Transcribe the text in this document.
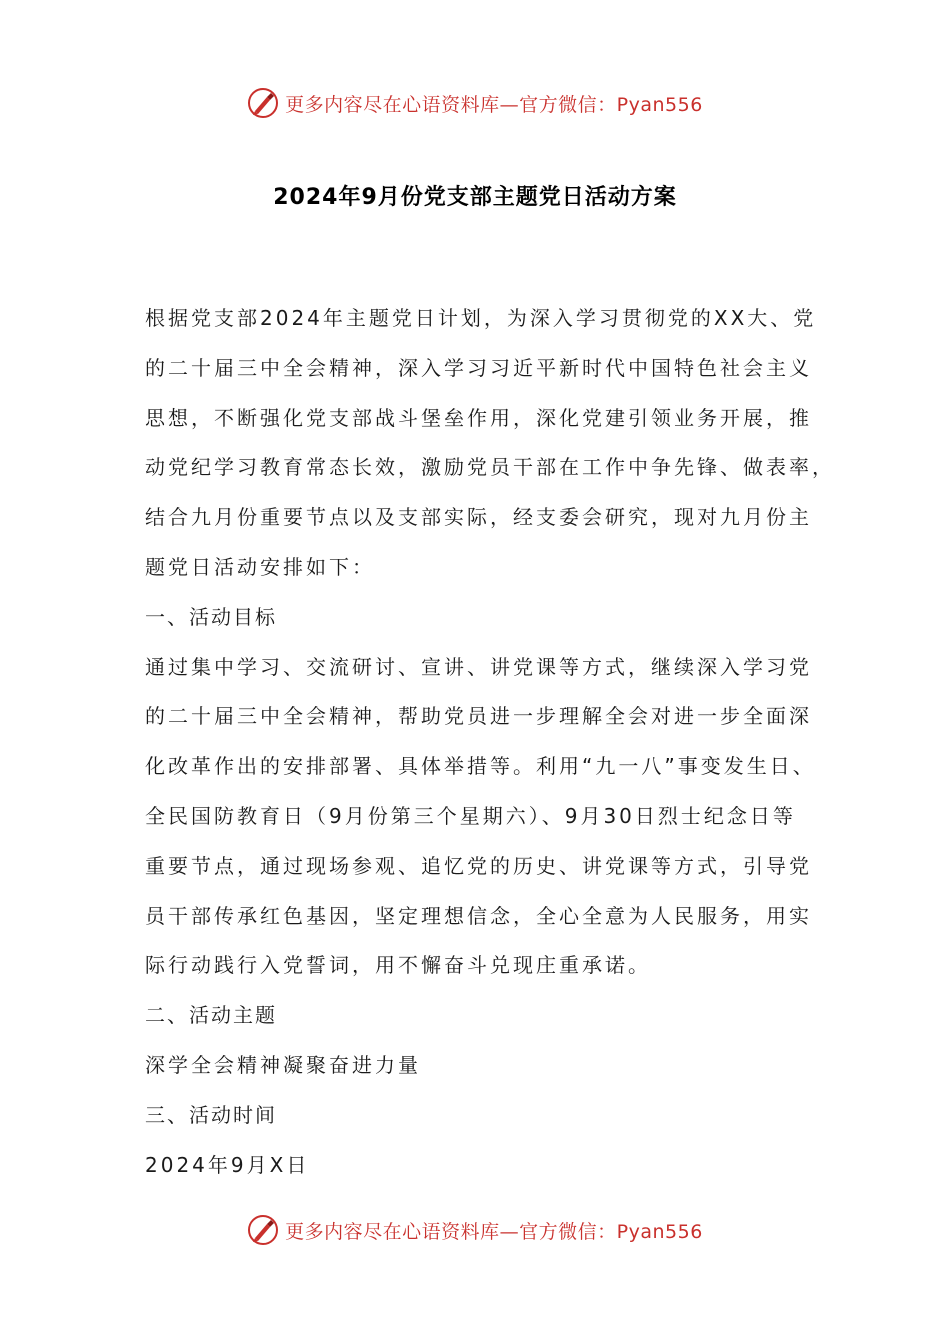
更多内容尽在心语资料库—官方微信：Pyan556
2024年9月份党支部主题党日活动方案
根据党支部2024年主题党日计划，为深入学习贯彻党的XX大、党
的二十届三中全会精神，深入学习习近平新时代中国特色社会主义
思想，不断强化党支部战斗堡垒作用，深化党建引领业务开展，推
动党纪学习教育常态长效，激励党员干部在工作中争先锋、做表率，
结合九月份重要节点以及支部实际，经支委会研究，现对九月份主
题党日活动安排如下：
一、活动目标
通过集中学习、交流研讨、宣讲、讲党课等方式，继续深入学习党
的二十届三中全会精神，帮助党员进一步理解全会对进一步全面深
化改革作出的安排部署、具体举措等。利用“九一八”事变发生日、
全民国防教育日（9月份第三个星期六）、9月30日烈士纪念日等
重要节点，通过现场参观、追忆党的历史、讲党课等方式，引导党
员干部传承红色基因，坚定理想信念，全心全意为人民服务，用实
际行动践行入党誓词，用不懈奋斗兑现庄重承诺。
二、活动主题
深学全会精神凝聚奋进力量
三、活动时间
2024年9月X日
更多内容尽在心语资料库—官方微信：Pyan556
